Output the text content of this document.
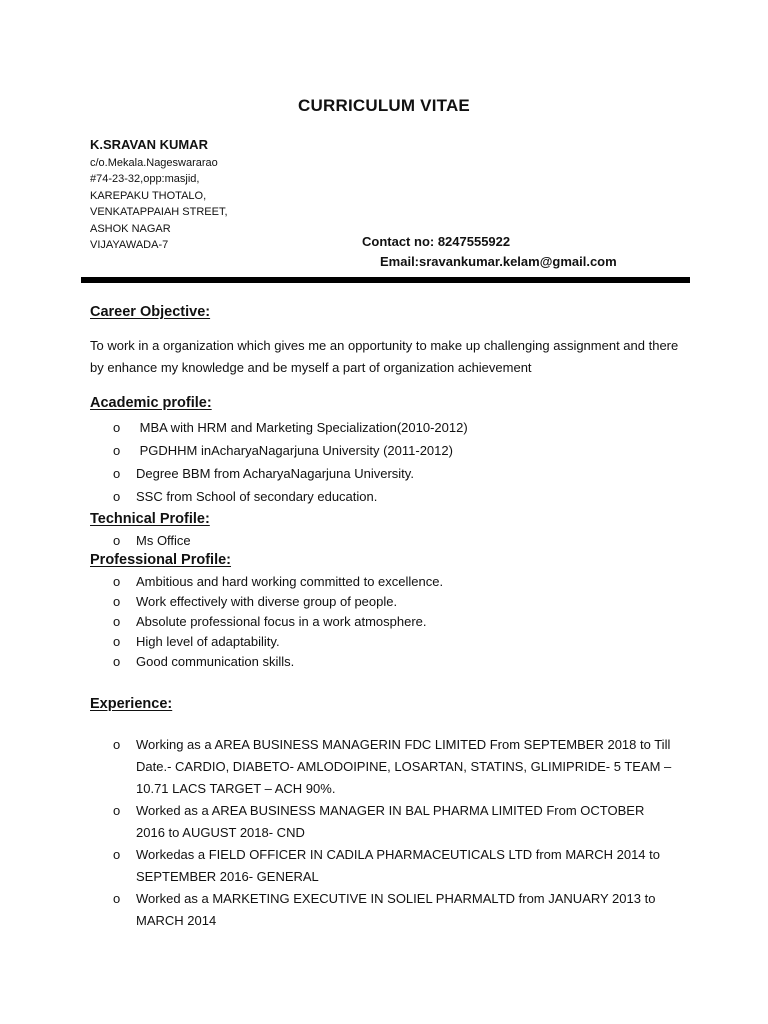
CURRICULUM VITAE
K.SRAVAN KUMAR
c/o.Mekala.Nageswararao
#74-23-32,opp:masjid,
KAREPAKU THOTALO,
VENKATAPPAIAH STREET,
ASHOK NAGAR
VIJAYAWADA-7	Contact no: 8247555922
Email:sravankumar.kelam@gmail.com
Career Objective:
To work in a organization which gives me an opportunity to make up challenging assignment and there by enhance my knowledge and be myself a part of organization achievement
Academic profile:
o MBA with HRM and Marketing Specialization(2010-2012)
o PGDHHM inAcharyaNagarjuna University (2011-2012)
o Degree BBM from AcharyaNagarjuna University.
o SSC from School of secondary education.
Technical Profile:
o Ms Office
Professional Profile:
o Ambitious and hard working committed to excellence.
o Work effectively with diverse group of people.
o Absolute professional focus in a work atmosphere.
o High level of adaptability.
o Good communication skills.
Experience:
o Working as a AREA BUSINESS MANAGERIN FDC LIMITED From SEPTEMBER 2018 to Till Date.- CARDIO, DIABETO- AMLODOIPINE, LOSARTAN, STATINS, GLIMIPRIDE- 5 TEAM – 10.71 LACS TARGET – ACH 90%.
o Worked as a AREA BUSINESS MANAGER IN BAL PHARMA LIMITED From OCTOBER 2016 to AUGUST 2018- CND
o Workedas a FIELD OFFICER IN CADILA PHARMACEUTICALS LTD from MARCH 2014 to SEPTEMBER 2016- GENERAL
o Worked as a MARKETING EXECUTIVE IN SOLIEL PHARMALTD from JANUARY 2013 to MARCH 2014
